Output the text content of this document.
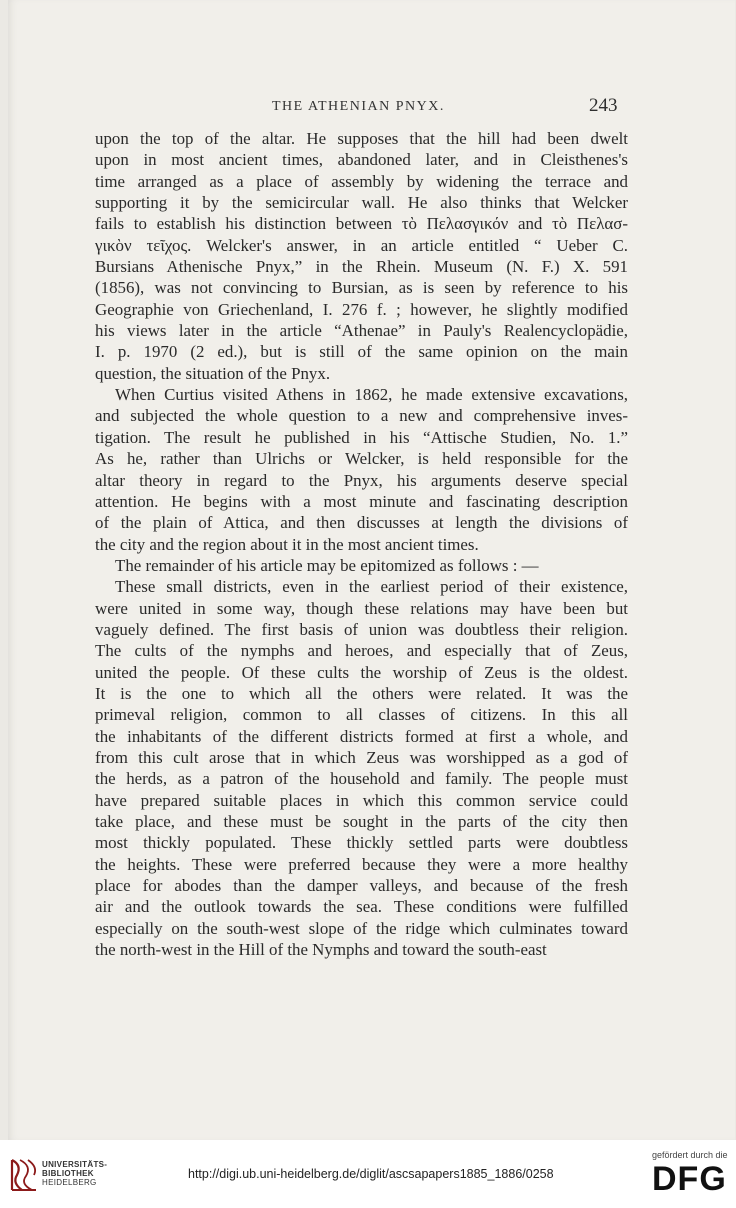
THE ATHENIAN PNYX.	243

upon the top of the altar. He supposes that the hill had been dwelt

upon in most ancient times, abandoned later, and in Cleisthenes's

time arranged as a place of assembly by widening the terrace and

supporting it by the semicircular wall. He also thinks that Welcker

fails to establish his distinction between τὸ Πελασγικόν and τὸ Πελασ-

γικὸν τεῖχος. Welcker's answer, in an article entitled “ Ueber C.

Bursians Athenische Pnyx,” in the Rhein. Museum (N. F.) X. 591

(1856), was not convincing to Bursian, as is seen by reference to his

Geographie von Griechenland, I. 276 f. ; however, he slightly modified

his views later in the article “Athenae” in Pauly's Realencyclopädie,

I. p. 1970 (2 ed.), but is still of the same opinion on the main

question, the situation of the Pnyx.

When Curtius visited Athens in 1862, he made extensive excavations,

and subjected the whole question to a new and comprehensive inves-

tigation. The result he published in his “Attische Studien, No. 1.”

As he, rather than Ulrichs or Welcker, is held responsible for the

altar theory in regard to the Pnyx, his arguments deserve special

attention. He begins with a most minute and fascinating description

of the plain of Attica, and then discusses at length the divisions of

the city and the region about it in the most ancient times.

The remainder of his article may be epitomized as follows : —

These small districts, even in the earliest period of their existence,

were united in some way, though these relations may have been but

vaguely defined. The first basis of union was doubtless their religion.

The cults of the nymphs and heroes, and especially that of Zeus,

united the people. Of these cults the worship of Zeus is the oldest.

It is the one to which all the others were related. It was the

primeval religion, common to all classes of citizens. In this all

the inhabitants of the different districts formed at first a whole, and

from this cult arose that in which Zeus was worshipped as a god of

the herds, as a patron of the household and family. The people must

have prepared suitable places in which this common service could

take place, and these must be sought in the parts of the city then

most thickly populated. These thickly settled parts were doubtless

the heights. These were preferred because they were a more healthy

place for abodes than the damper valleys, and because of the fresh

air and the outlook towards the sea. These conditions were fulfilled

especially on the south-west slope of the ridge which culminates toward

the north-west in the Hill of the Nymphs and toward the south-east

UNIVERSITÄTS-
BIBLIOTHEK
HEIDELBERG
http://digi.ub.uni-heidelberg.de/diglit/ascsapapers1885_1886/0258
gefördert durch die
DFG
